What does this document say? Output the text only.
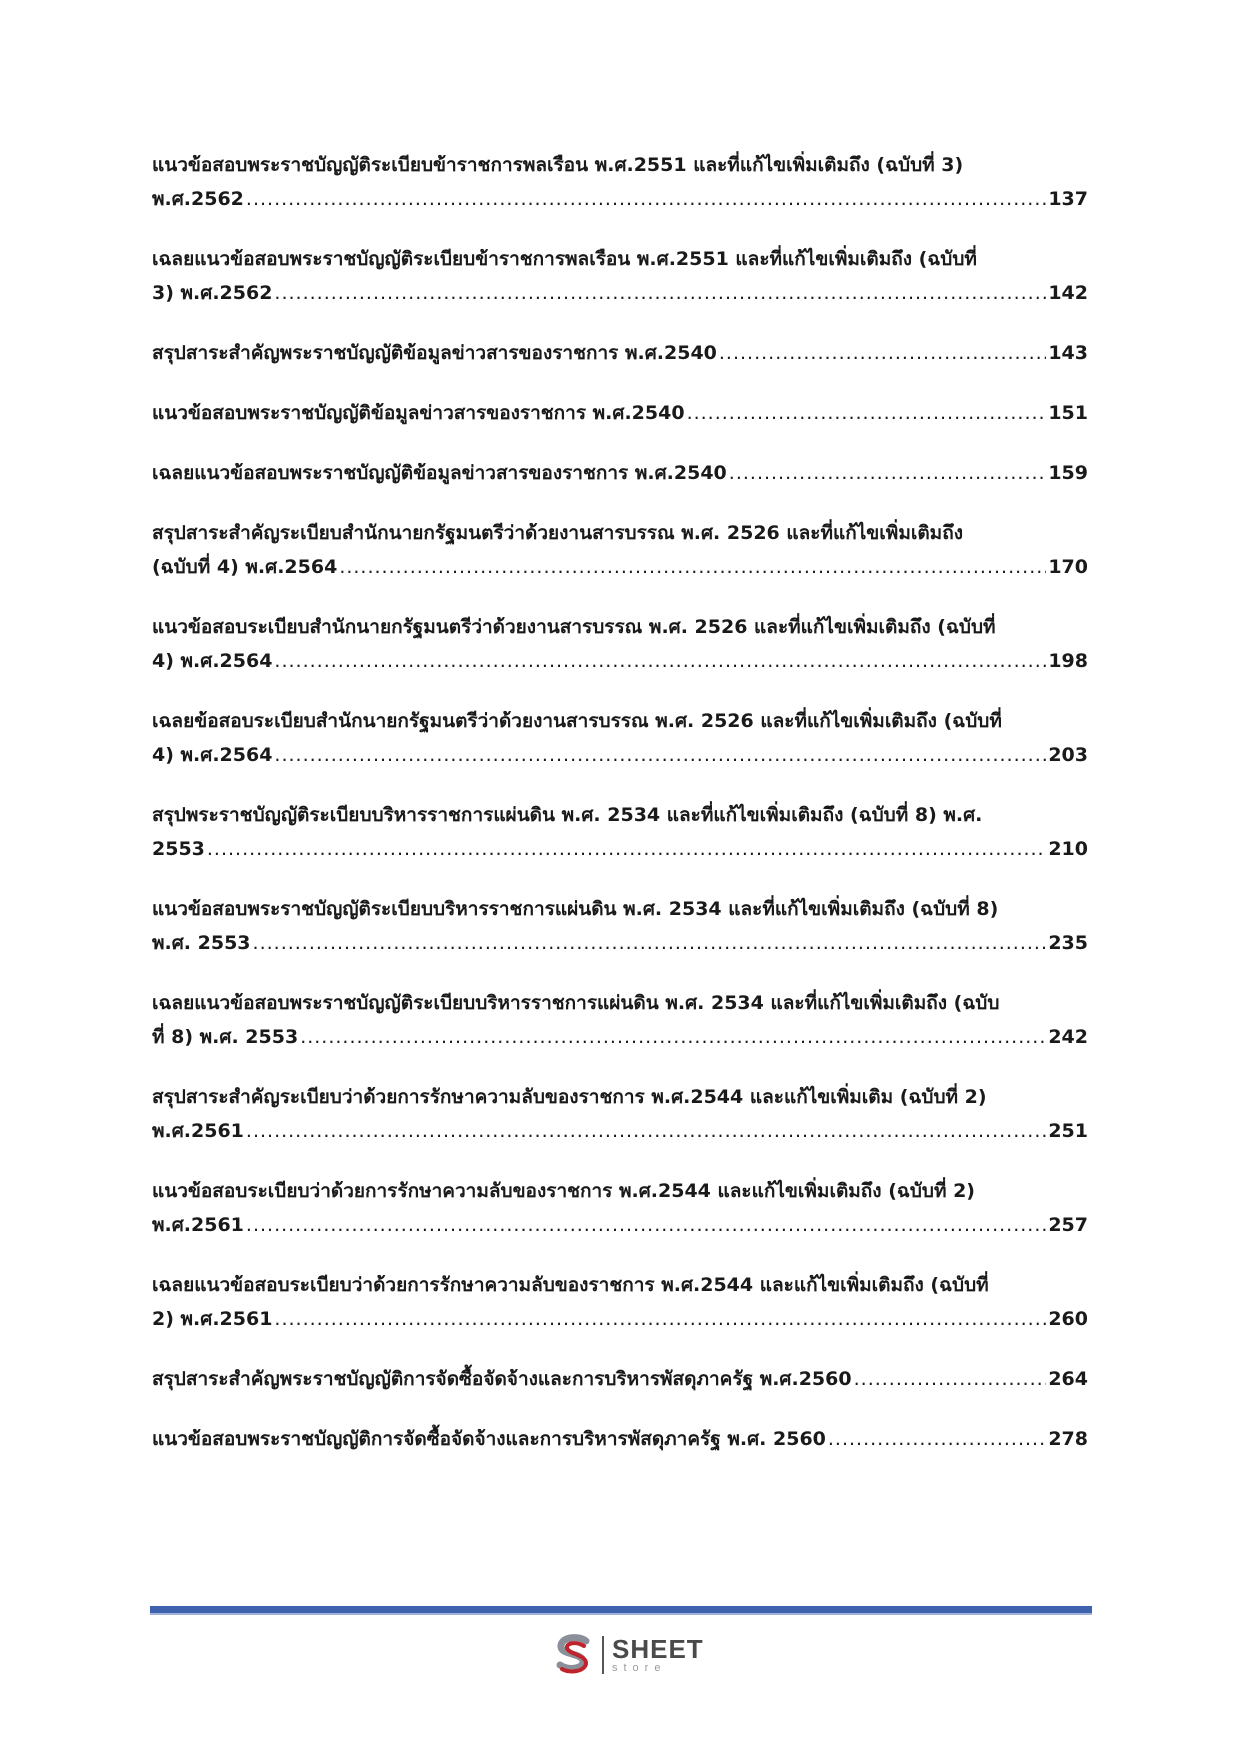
แนวข้อสอบพระราชบัญญัติระเบียบข้าราชการพลเรือน พ.ศ.2551 และที่แก้ไขเพิ่มเติมถึง (ฉบับที่ 3)
พ.ศ.2562 .....	137

เฉลยแนวข้อสอบพระราชบัญญัติระเบียบข้าราชการพลเรือน พ.ศ.2551 และที่แก้ไขเพิ่มเติมถึง (ฉบับที่
3) พ.ศ.2562 .....	142

สรุปสาระสำคัญพระราชบัญญัติข้อมูลข่าวสารของราชการ พ.ศ.2540 .....	143

แนวข้อสอบพระราชบัญญัติข้อมูลข่าวสารของราชการ พ.ศ.2540 .....	151

เฉลยแนวข้อสอบพระราชบัญญัติข้อมูลข่าวสารของราชการ พ.ศ.2540 .....	159

สรุปสาระสำคัญระเบียบสำนักนายกรัฐมนตรีว่าด้วยงานสารบรรณ พ.ศ. 2526 และที่แก้ไขเพิ่มเติมถึง
(ฉบับที่ 4) พ.ศ.2564 .....	170

แนวข้อสอบระเบียบสำนักนายกรัฐมนตรีว่าด้วยงานสารบรรณ พ.ศ. 2526 และที่แก้ไขเพิ่มเติมถึง (ฉบับที่
4) พ.ศ.2564 .....	198

เฉลยข้อสอบระเบียบสำนักนายกรัฐมนตรีว่าด้วยงานสารบรรณ พ.ศ. 2526 และที่แก้ไขเพิ่มเติมถึง (ฉบับที่
4) พ.ศ.2564 .....	203

สรุปพระราชบัญญัติระเบียบบริหารราชการแผ่นดิน พ.ศ. 2534 และที่แก้ไขเพิ่มเติมถึง (ฉบับที่ 8) พ.ศ.
2553 .....	210

แนวข้อสอบพระราชบัญญัติระเบียบบริหารราชการแผ่นดิน พ.ศ. 2534 และที่แก้ไขเพิ่มเติมถึง (ฉบับที่ 8)
พ.ศ. 2553 .....	235

เฉลยแนวข้อสอบพระราชบัญญัติระเบียบบริหารราชการแผ่นดิน พ.ศ. 2534 และที่แก้ไขเพิ่มเติมถึง (ฉบับ
ที่ 8) พ.ศ. 2553 .....	242

สรุปสาระสำคัญระเบียบว่าด้วยการรักษาความลับของราชการ พ.ศ.2544 และแก้ไขเพิ่มเติม (ฉบับที่ 2)
พ.ศ.2561 .....	251

แนวข้อสอบระเบียบว่าด้วยการรักษาความลับของราชการ พ.ศ.2544 และแก้ไขเพิ่มเติมถึง (ฉบับที่ 2)
พ.ศ.2561 .....	257

เฉลยแนวข้อสอบระเบียบว่าด้วยการรักษาความลับของราชการ พ.ศ.2544 และแก้ไขเพิ่มเติมถึง (ฉบับที่
2) พ.ศ.2561 .....	260

สรุปสาระสำคัญพระราชบัญญัติการจัดซื้อจัดจ้างและการบริหารพัสดุภาครัฐ พ.ศ.2560 .....	264

แนวข้อสอบพระราชบัญญัติการจัดซื้อจัดจ้างและการบริหารพัสดุภาครัฐ พ.ศ. 2560 .....	278

SHEET
store
